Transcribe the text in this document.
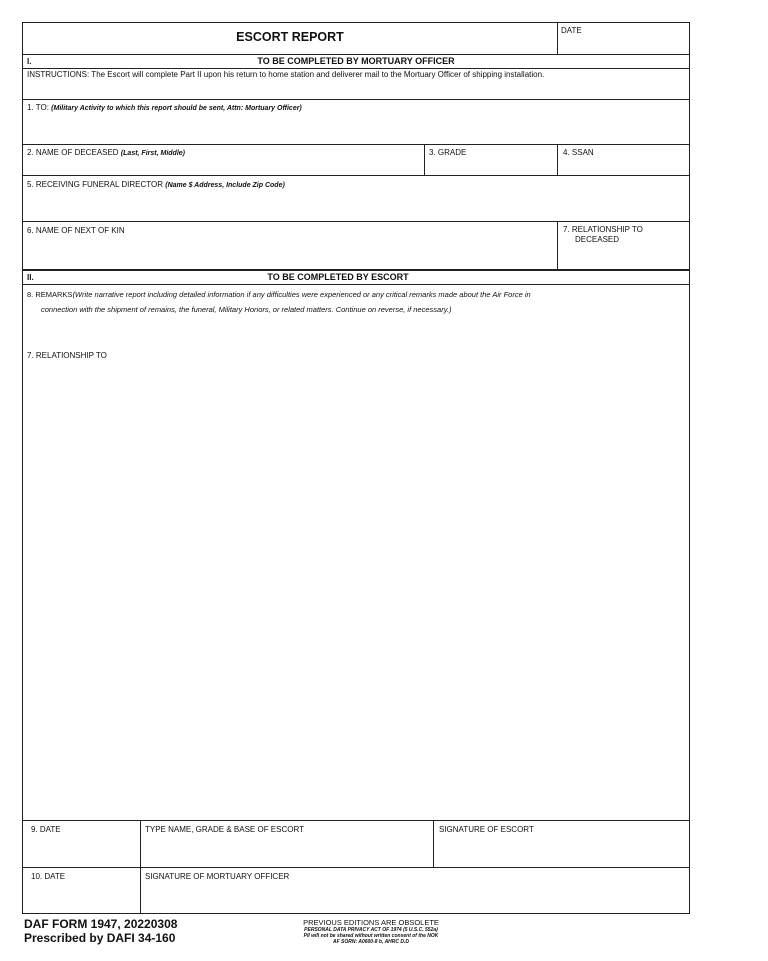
ESCORT REPORT	DATE
I.	TO BE COMPLETED BY MORTUARY OFFICER
INSTRUCTIONS: The Escort will complete Part II upon his return to home station and deliverer mail to the Mortuary Officer of shipping installation.
1. TO: (Military Activity to which this report should be sent, Attn: Mortuary Officer)
2. NAME OF DECEASED (Last, First, Middle)	3. GRADE	4. SSAN
5. RECEIVING FUNERAL DIRECTOR (Name $ Address, Include Zip Code)
6. NAME OF NEXT OF KIN	7. RELATIONSHIP TO
DECEASED
II.	TO BE COMPLETED BY ESCORT
8. REMARKS(Write narrative report including detailed information if any difficulties were experienced or any critical remarks made about the Air Force in
connection with the shipment of remains, the funeral, Military Honors, or related matters. Continue on reverse, if necessary.)
7. RELATIONSHIP TO
9. DATE	TYPE NAME, GRADE & BASE OF ESCORT	SIGNATURE OF ESCORT
10. DATE	SIGNATURE OF MORTUARY OFFICER
DAF FORM 1947, 20220308
Prescribed by DAFI 34-160
PREVIOUS EDITIONS ARE OBSOLETE
PERSONAL DATA PRIVACY ACT OF 1974 (5 U.S.C. 552a)
PII will not be shared without written consent of the NOK
AF SORN: A0600-8 b, AHRC D.D
